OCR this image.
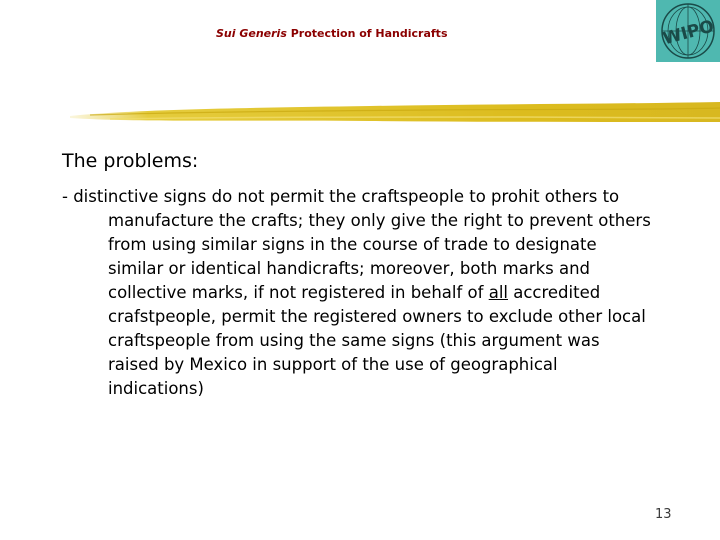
Sui Generis Protection of Handicrafts	WIPO
The problems:
- distinctive signs do not permit the craftspeople to prohit others to
manufacture the crafts; they only give the right to prevent others
from using similar signs in the course of trade to designate
similar or identical handicrafts; moreover, both marks and
collective marks, if not registered in behalf of all accredited
crafstpeople, permit the registered owners to exclude other local
craftspeople from using the same signs (this argument was
raised by Mexico in support of the use of geographical
indications)
13
